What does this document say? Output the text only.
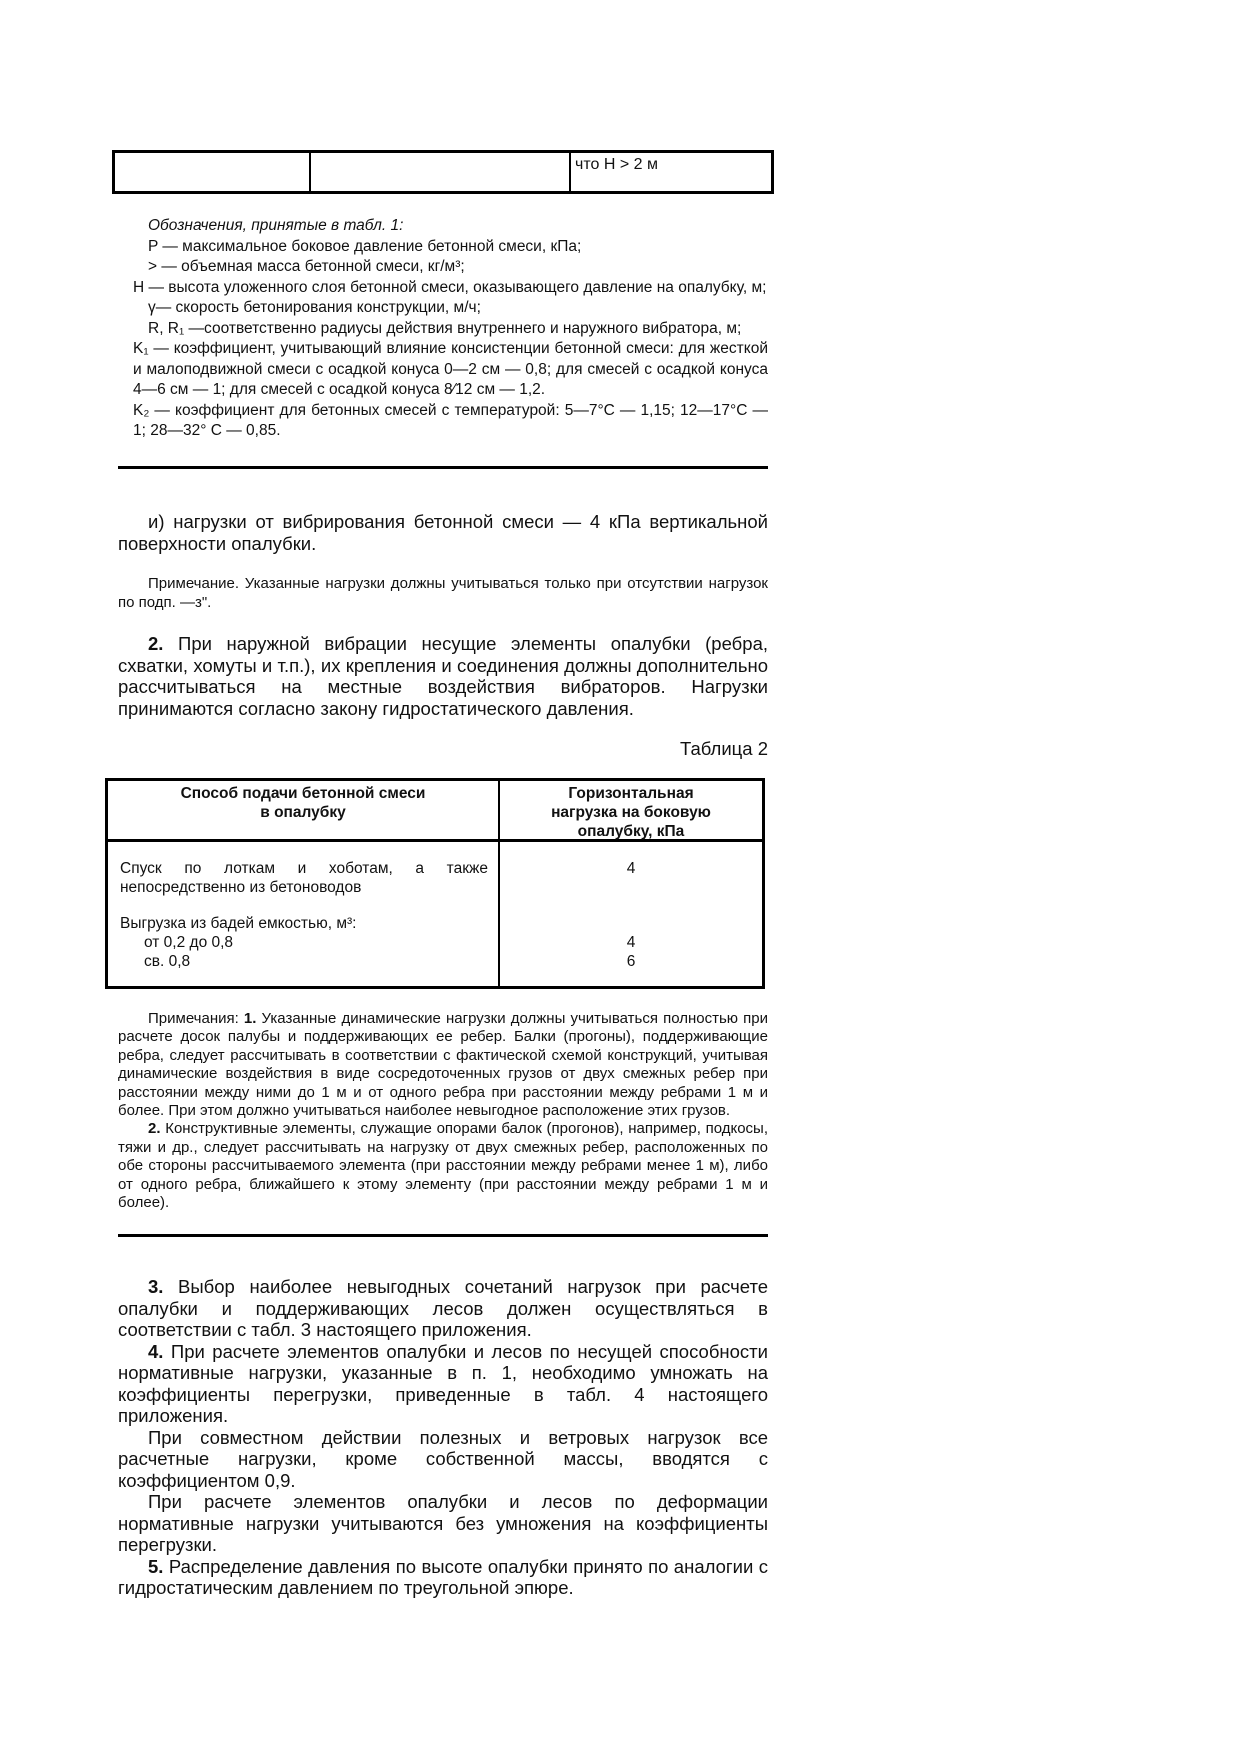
что H > 2 м

Обозначения, принятые в табл. 1:

P — максимальное боковое давление бетонной смеси, кПа;

> — объемная масса бетонной смеси, кг/м³;

H — высота уложенного слоя бетонной смеси, оказывающего давление на опалубку, м;

γ— скорость бетонирования конструкции, м/ч;

R, R₁ —соответственно радиусы действия внутреннего и наружного вибратора, м;

K₁ — коэффициент, учитывающий влияние консистенции бетонной смеси: для жесткой и малоподвижной смеси с осадкой конуса 0—2 см — 0,8; для смесей с осадкой конуса 4—6 см — 1; для смесей с осадкой конуса 8⁄12 см — 1,2.

K₂ — коэффициент для бетонных смесей с температурой: 5—7°С — 1,15; 12—17°С — 1; 28—32° С — 0,85.

и) нагрузки от вибрирования бетонной смеси — 4 кПа вертикальной поверхности опалубки.

Примечание. Указанные нагрузки должны учитываться только при отсутствии нагрузок по подп. —з".

2. При наружной вибрации несущие элементы опалубки (ребра, схватки, хомуты и т.п.), их крепления и соединения должны дополнительно рассчитываться на местные воздействия вибраторов. Нагрузки принимаются согласно закону гидростатического давления.

Таблица 2
Способ подачи бетонной смеси
в опалубку
Горизонтальная
нагрузка на боковую
опалубку, кПа
Спуск по лоткам и хоботам, а также непосредственно из бетоноводов
4
Выгрузка из бадей емкостью, м³:
от 0,2 до 0,8	4
св. 0,8	6

Примечания: 1. Указанные динамические нагрузки должны учитываться полностью при расчете досок палубы и поддерживающих ее ребер. Балки (прогоны), поддерживающие ребра, следует рассчитывать в соответствии с фактической схемой конструкций, учитывая динамические воздействия в виде сосредоточенных грузов от двух смежных ребер при расстоянии между ними до 1 м и от одного ребра при расстоянии между ребрами 1 м и более. При этом должно учитываться наиболее невыгодное расположение этих грузов.

2. Конструктивные элементы, служащие опорами балок (прогонов), например, подкосы, тяжи и др., следует рассчитывать на нагрузку от двух смежных ребер, расположенных по обе стороны рассчитываемого элемента (при расстоянии между ребрами менее 1 м), либо от одного ребра, ближайшего к этому элементу (при расстоянии между ребрами 1 м и более).

3. Выбор наиболее невыгодных сочетаний нагрузок при расчете опалубки и поддерживающих лесов должен осуществляться в соответствии с табл. 3 настоящего приложения.

4. При расчете элементов опалубки и лесов по несущей способности нормативные нагрузки, указанные в п. 1, необходимо умножать на коэффициенты перегрузки, приведенные в табл. 4 настоящего приложения.

При совместном действии полезных и ветровых нагрузок все расчетные нагрузки, кроме собственной массы, вводятся с коэффициентом 0,9.

При расчете элементов опалубки и лесов по деформации нормативные нагрузки учитываются без умножения на коэффициенты перегрузки.

5. Распределение давления по высоте опалубки принято по аналогии с гидростатическим давлением по треугольной эпюре.
